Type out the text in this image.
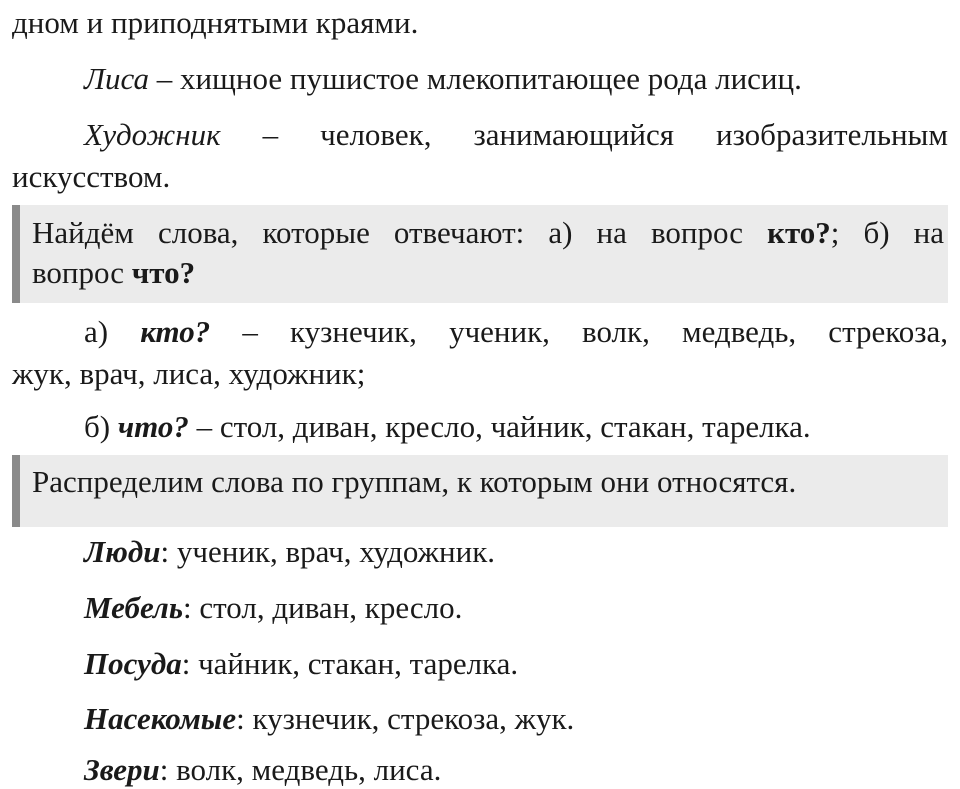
дном и приподнятыми краями.
Лиса – хищное пушистое млекопитающее рода лисиц.
Художник – человек, занимающийся изобразительным
искусством.
Найдём слова, которые отвечают: а) на вопрос кто?; б) на
вопрос что?
а) кто? – кузнечик, ученик, волк, медведь, стрекоза,
жук, врач, лиса, художник;
б) что? – стол, диван, кресло, чайник, стакан, тарелка.
Распределим слова по группам, к которым они относятся.
Люди: ученик, врач, художник.
Мебель: стол, диван, кресло.
Посуда: чайник, стакан, тарелка.
Насекомые: кузнечик, стрекоза, жук.
Звери: волк, медведь, лиса.
